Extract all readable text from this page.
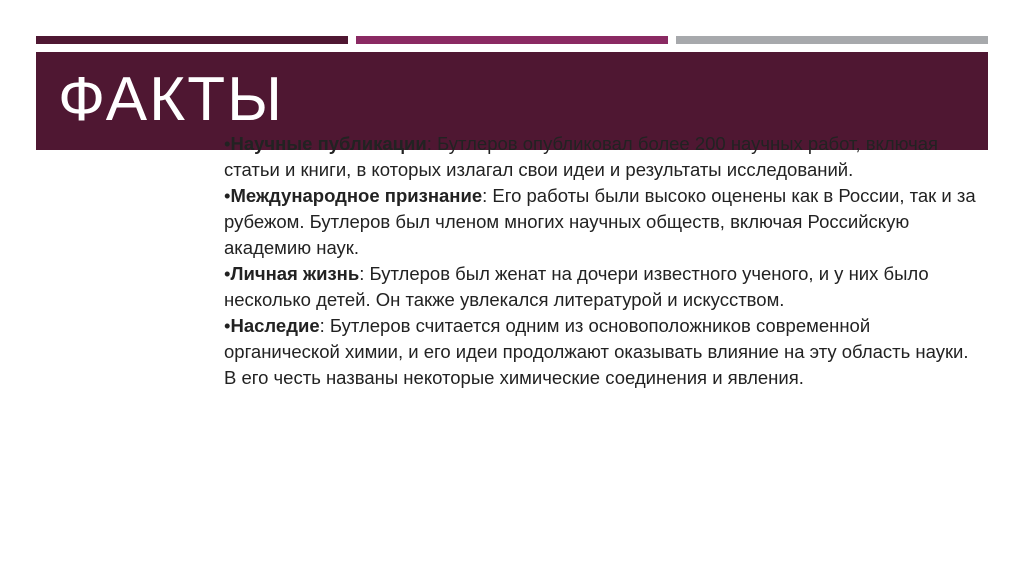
ФАКТЫ
•Научные публикации: Бутлеров опубликовал более 200 научных работ, включая статьи и книги, в которых излагал свои идеи и результаты исследований.
•Международное признание: Его работы были высоко оценены как в России, так и за рубежом. Бутлеров был членом многих научных обществ, включая Российскую академию наук.
•Личная жизнь: Бутлеров был женат на дочери известного ученого, и у них было несколько детей. Он также увлекался литературой и искусством.
•Наследие: Бутлеров считается одним из основоположников современной органической химии, и его идеи продолжают оказывать влияние на эту область науки. В его честь названы некоторые химические соединения и явления.
